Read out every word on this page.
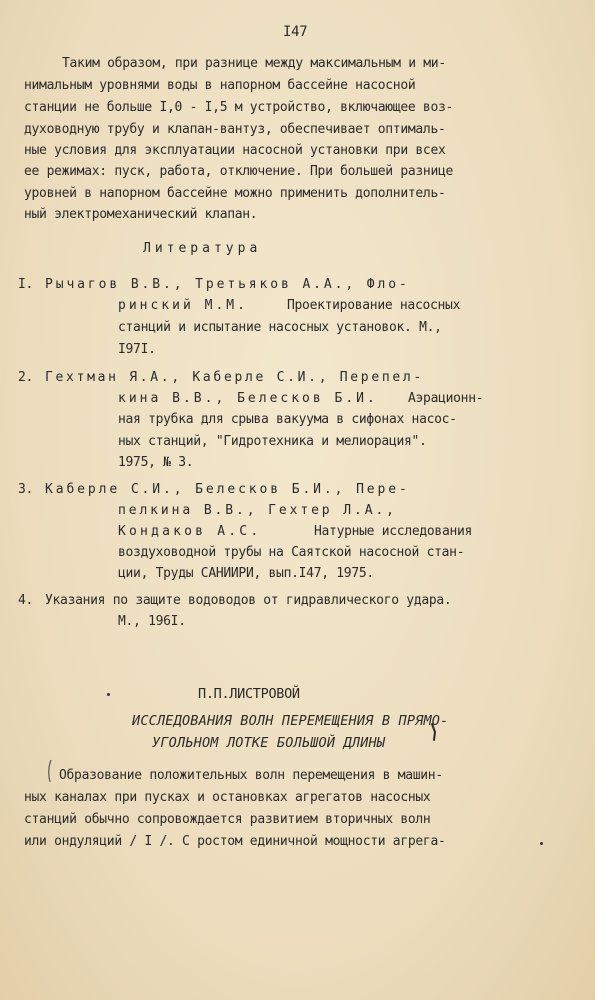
I47
Таким образом, при разнице между максимальным и ми-
нимальным уровнями воды в напорном бассейне насосной
станции не больше I,0 - I,5 м устройство, включающее воз-
духоводную трубу и клапан-вантуз, обеспечивает оптималь-
ные условия для эксплуатации насосной установки при всех
ее режимах: пуск, работа, отключение. При большей разнице
уровней в напорном бассейне можно применить дополнитель-
ный электромеханический клапан.
Литература
I. Рычагов В.В., Третьяков А.А., Фло-
ринский М.М.	Проектирование насосных
станций и испытание насосных установок. М.,
I97I.
2. Гехтман Я.А., Каберле С.И., Перепел-
кина В.В., Белесков Б.И. Аэрационн-
ная трубка для срыва вакуума в сифонах насос-
ных станций, "Гидротехника и мелиорация".
1975, № 3.
3. Каберле С.И., Белесков Б.И., Пере-
пелкина В.В., Гехтер Л.А.,
Кондаков А.С.	Натурные исследования
воздуховодной трубы на Саятской насосной стан-
ции, Труды САНИИРИ, вып.I47, 1975.
4. Указания по защите водоводов от гидравлического удара.
М., 196I.
П.П.ЛИСТРОВОЙ
ИССЛЕДОВАНИЯ ВОЛН ПЕРЕМЕЩЕНИЯ В ПРЯМО-
УГОЛЬНОМ ЛОТКЕ БОЛЬШОЙ ДЛИНЫ
Образование положительных волн перемещения в машин-
ных каналах при пусках и остановках агрегатов насосных
станций обычно сопровождается развитием вторичных волн
или ондуляций / I /. С ростом единичной мощности агрега-
